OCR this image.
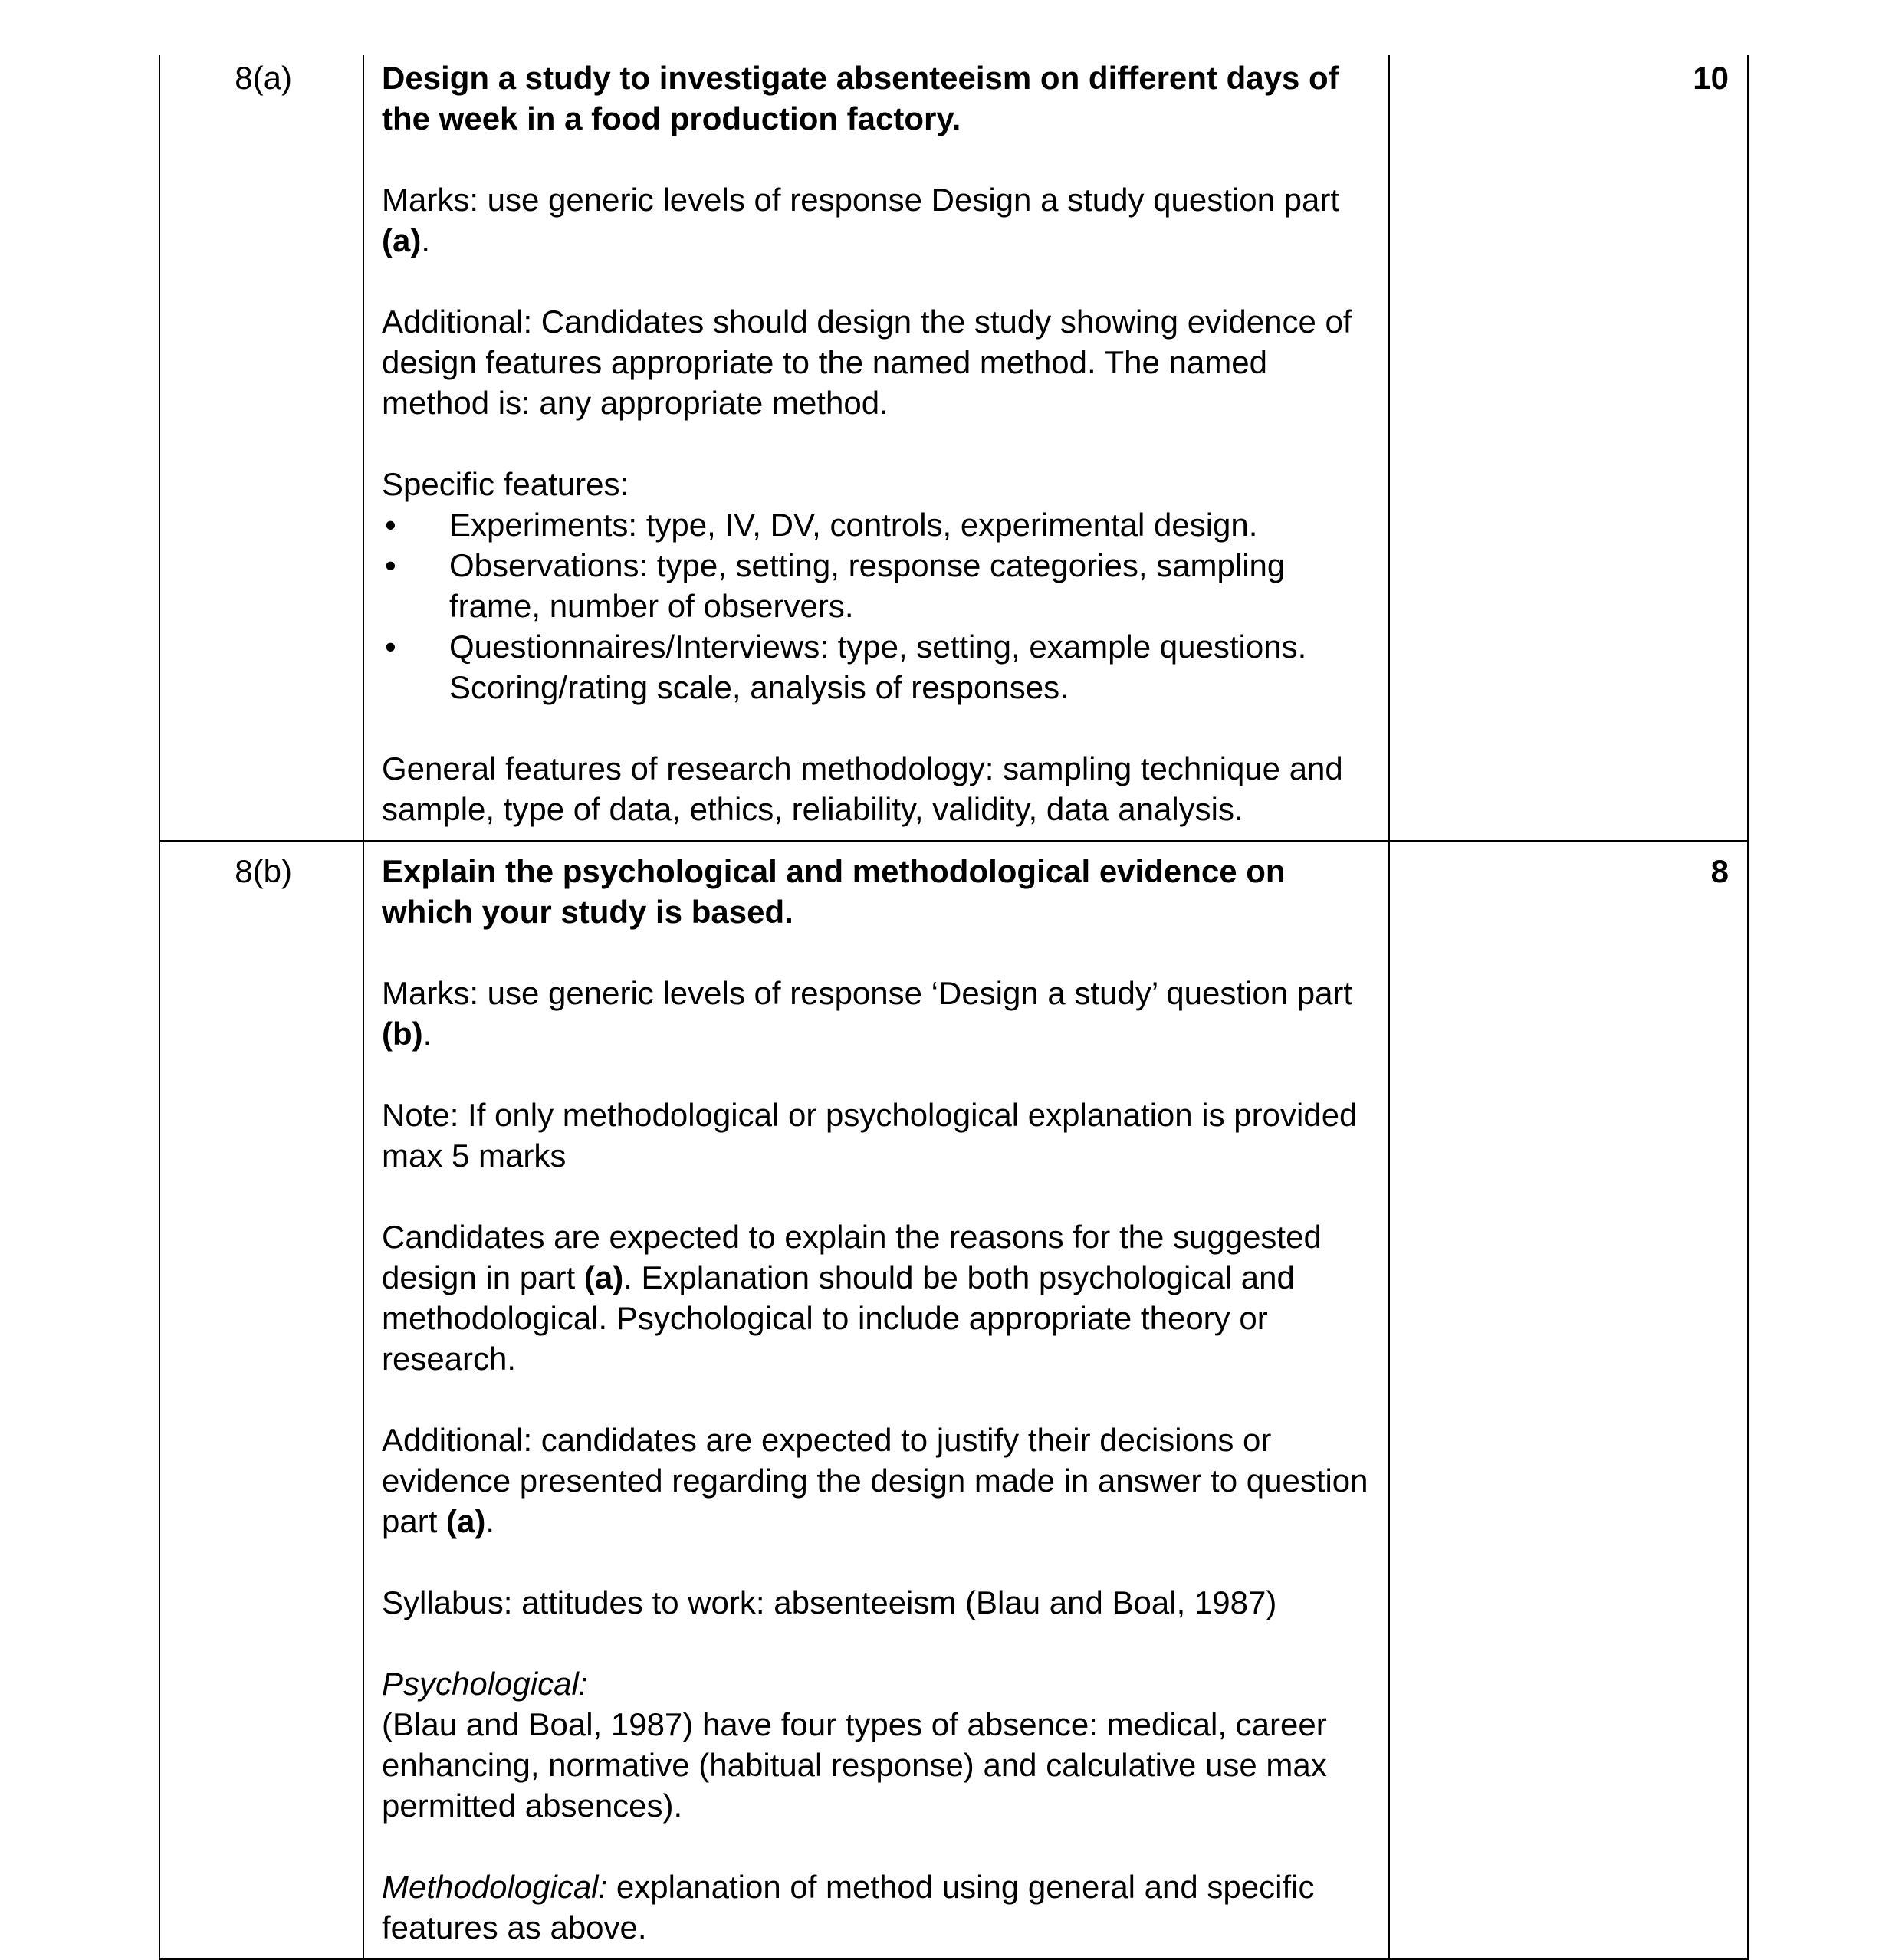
8(a)	Design a study to investigate absenteeism on different days of the week in a food production factory.

Marks: use generic levels of response Design a study question part (a).

Additional: Candidates should design the study showing evidence of design features appropriate to the named method. The named method is: any appropriate method.

Specific features:
• Experiments: type, IV, DV, controls, experimental design.
• Observations: type, setting, response categories, sampling frame, number of observers.
• Questionnaires/Interviews: type, setting, example questions. Scoring/rating scale, analysis of responses.

General features of research methodology: sampling technique and sample, type of data, ethics, reliability, validity, data analysis.

10
8(b)	Explain the psychological and methodological evidence on which your study is based.

Marks: use generic levels of response ‘Design a study’ question part (b).

Note: If only methodological or psychological explanation is provided max 5 marks

Candidates are expected to explain the reasons for the suggested design in part (a). Explanation should be both psychological and methodological. Psychological to include appropriate theory or research.

Additional: candidates are expected to justify their decisions or evidence presented regarding the design made in answer to question part (a).

Syllabus: attitudes to work: absenteeism (Blau and Boal, 1987)

Psychological:

(Blau and Boal, 1987) have four types of absence: medical, career enhancing, normative (habitual response) and calculative use max permitted absences).

Methodological: explanation of method using general and specific features as above.

8
